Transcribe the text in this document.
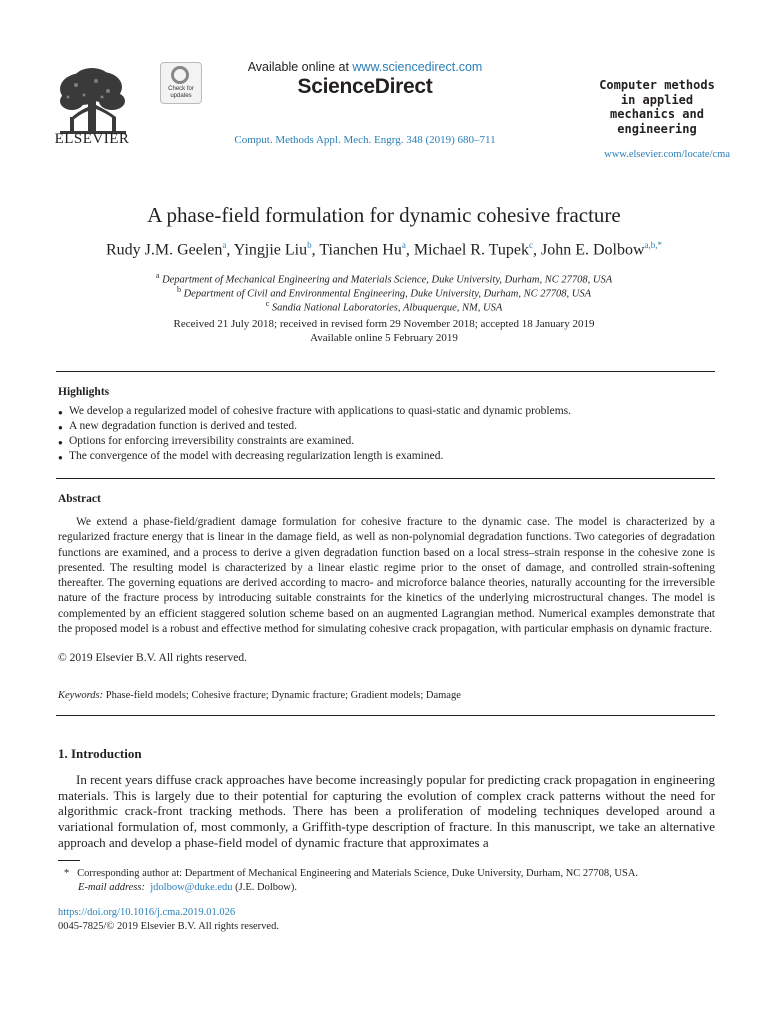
ELSEVIER
Check for updates
Available online at www.sciencedirect.com
ScienceDirect
Comput. Methods Appl. Mech. Engrg. 348 (2019) 680–711
Computer methods
in applied
mechanics and
engineering
www.elsevier.com/locate/cma
A phase-field formulation for dynamic cohesive fracture
Rudy J.M. Geelen$^a$, Yingjie Liu$^b$, Tianchen Hu$^a$, Michael R. Tupek$^c$, John E. Dolbow$^{a,b,*}$
$^a$ Department of Mechanical Engineering and Materials Science, Duke University, Durham, NC 27708, USA
$^b$ Department of Civil and Environmental Engineering, Duke University, Durham, NC 27708, USA
$^c$ Sandia National Laboratories, Albuquerque, NM, USA
Received 21 July 2018; received in revised form 29 November 2018; accepted 18 January 2019
Available online 5 February 2019
Highlights
● We develop a regularized model of cohesive fracture with applications to quasi-static and dynamic problems.
● A new degradation function is derived and tested.
● Options for enforcing irreversibility constraints are examined.
● The convergence of the model with decreasing regularization length is examined.
Abstract

We extend a phase-field/gradient damage formulation for cohesive fracture to the dynamic case. The model is characterized by a regularized fracture energy that is linear in the damage field, as well as non-polynomial degradation functions. Two categories of degradation functions are examined, and a process to derive a given degradation function based on a local stress–strain response in the cohesive zone is presented. The resulting model is characterized by a linear elastic regime prior to the onset of damage, and controlled strain-softening thereafter. The governing equations are derived according to macro- and microforce balance theories, naturally accounting for the irreversible nature of the fracture process by introducing suitable constraints for the kinetics of the underlying microstructural changes. The model is complemented by an efficient staggered solution scheme based on an augmented Lagrangian method. Numerical examples demonstrate that the proposed model is a robust and effective method for simulating cohesive crack propagation, with particular emphasis on dynamic fracture.

© 2019 Elsevier B.V. All rights reserved.
Keywords: Phase-field models; Cohesive fracture; Dynamic fracture; Gradient models; Damage
1. Introduction

In recent years diffuse crack approaches have become increasingly popular for predicting crack propagation in engineering materials. This is largely due to their potential for capturing the evolution of complex crack patterns without the need for algorithmic crack-front tracking methods. There has been a proliferation of modeling techniques developed around a variational formulation of, most commonly, a Griffith-type description of fracture. In this manuscript, we take an alternative approach and develop a phase-field model of dynamic fracture that approximates a

* Corresponding author at: Department of Mechanical Engineering and Materials Science, Duke University, Durham, NC 27708, USA.
E-mail address: jdolbow@duke.edu (J.E. Dolbow).
https://doi.org/10.1016/j.cma.2019.01.026
0045-7825/© 2019 Elsevier B.V. All rights reserved.
